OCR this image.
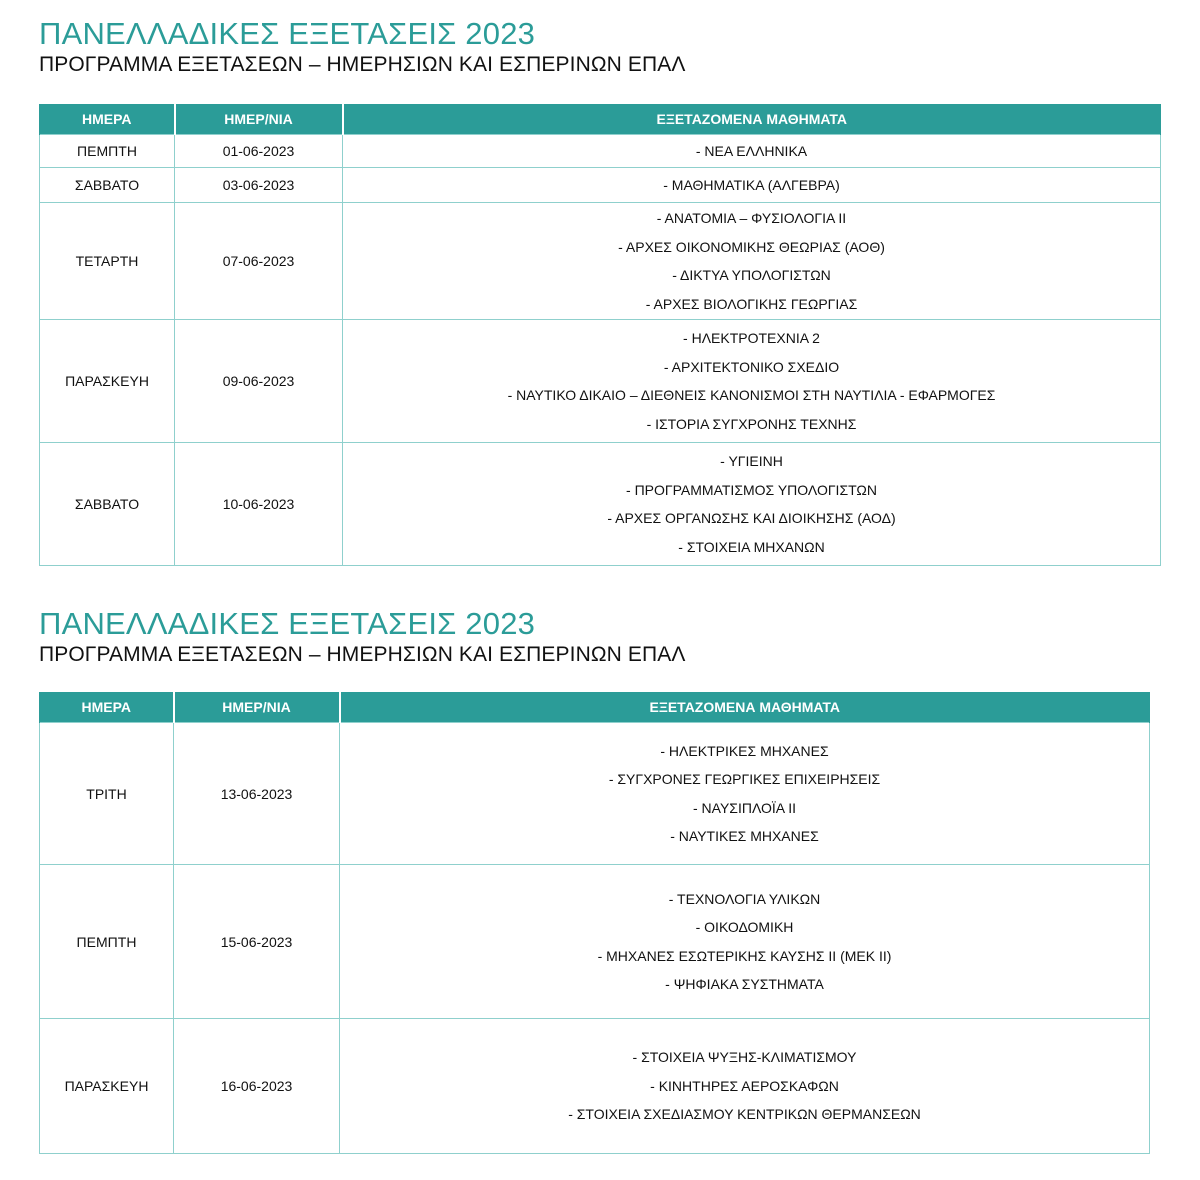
ΠΑΝΕΛΛΑΔΙΚΕΣ ΕΞΕΤΑΣΕΙΣ 2023
ΠΡΟΓΡΑΜΜΑ ΕΞΕΤΑΣΕΩΝ – ΗΜΕΡΗΣΙΩΝ ΚΑΙ ΕΣΠΕΡΙΝΩΝ ΕΠΑΛ
ΗΜΕΡΑ	ΗΜΕΡ/ΝΙΑ	ΕΞΕΤΑΖΟΜΕΝΑ ΜΑΘΗΜΑΤΑ
ΠΕΜΠΤΗ	01-06-2023	- ΝΕΑ ΕΛΛΗΝΙΚΑ

ΣΑΒΒΑΤΟ	03-06-2023	- ΜΑΘΗΜΑΤΙΚΑ (ΑΛΓΕΒΡΑ)

ΤΕΤΑΡΤΗ	07-06-2023	- ΑΝΑΤΟΜΙΑ – ΦΥΣΙΟΛΟΓΙΑ ΙΙ
- ΑΡΧΕΣ ΟΙΚΟΝΟΜΙΚΗΣ ΘΕΩΡΙΑΣ (ΑΟΘ)
- ΔΙΚΤΥΑ ΥΠΟΛΟΓΙΣΤΩΝ
- ΑΡΧΕΣ ΒΙΟΛΟΓΙΚΗΣ ΓΕΩΡΓΙΑΣ

ΠΑΡΑΣΚΕΥΗ	09-06-2023	- ΗΛΕΚΤΡΟΤΕΧΝΙΑ 2
- ΑΡΧΙΤΕΚΤΟΝΙΚΟ ΣΧΕΔΙΟ
- ΝΑΥΤΙΚΟ ΔΙΚΑΙΟ – ΔΙΕΘΝΕΙΣ ΚΑΝΟΝΙΣΜΟΙ ΣΤΗ ΝΑΥΤΙΛΙΑ - ΕΦΑΡΜΟΓΕΣ
- ΙΣΤΟΡΙΑ ΣΥΓΧΡΟΝΗΣ ΤΕΧΝΗΣ

ΣΑΒΒΑΤΟ	10-06-2023	- ΥΓΙΕΙΝΗ
- ΠΡΟΓΡΑΜΜΑΤΙΣΜΟΣ ΥΠΟΛΟΓΙΣΤΩΝ
- ΑΡΧΕΣ ΟΡΓΑΝΩΣΗΣ ΚΑΙ ΔΙΟΙΚΗΣΗΣ (ΑΟΔ)
- ΣΤΟΙΧΕΙΑ ΜΗΧΑΝΩΝ
ΠΑΝΕΛΛΑΔΙΚΕΣ ΕΞΕΤΑΣΕΙΣ 2023
ΠΡΟΓΡΑΜΜΑ ΕΞΕΤΑΣΕΩΝ – ΗΜΕΡΗΣΙΩΝ ΚΑΙ ΕΣΠΕΡΙΝΩΝ ΕΠΑΛ
ΗΜΕΡΑ	ΗΜΕΡ/ΝΙΑ	ΕΞΕΤΑΖΟΜΕΝΑ ΜΑΘΗΜΑΤΑ
ΤΡΙΤΗ	13-06-2023	- ΗΛΕΚΤΡΙΚΕΣ ΜΗΧΑΝΕΣ
- ΣΥΓΧΡΟΝΕΣ ΓΕΩΡΓΙΚΕΣ ΕΠΙΧΕΙΡΗΣΕΙΣ
- ΝΑΥΣΙΠΛΟΪΑ ΙΙ
- ΝΑΥΤΙΚΕΣ ΜΗΧΑΝΕΣ

ΠΕΜΠΤΗ	15-06-2023	- ΤΕΧΝΟΛΟΓΙΑ ΥΛΙΚΩΝ
- ΟΙΚΟΔΟΜΙΚΗ
- ΜΗΧΑΝΕΣ ΕΣΩΤΕΡΙΚΗΣ ΚΑΥΣΗΣ ΙΙ (ΜΕΚ ΙΙ)
- ΨΗΦΙΑΚΑ ΣΥΣΤΗΜΑΤΑ

ΠΑΡΑΣΚΕΥΗ	16-06-2023	- ΣΤΟΙΧΕΙΑ ΨΥΞΗΣ-ΚΛΙΜΑΤΙΣΜΟΥ
- ΚΙΝΗΤΗΡΕΣ ΑΕΡΟΣΚΑΦΩΝ
- ΣΤΟΙΧΕΙΑ ΣΧΕΔΙΑΣΜΟΥ ΚΕΝΤΡΙΚΩΝ ΘΕΡΜΑΝΣΕΩΝ
